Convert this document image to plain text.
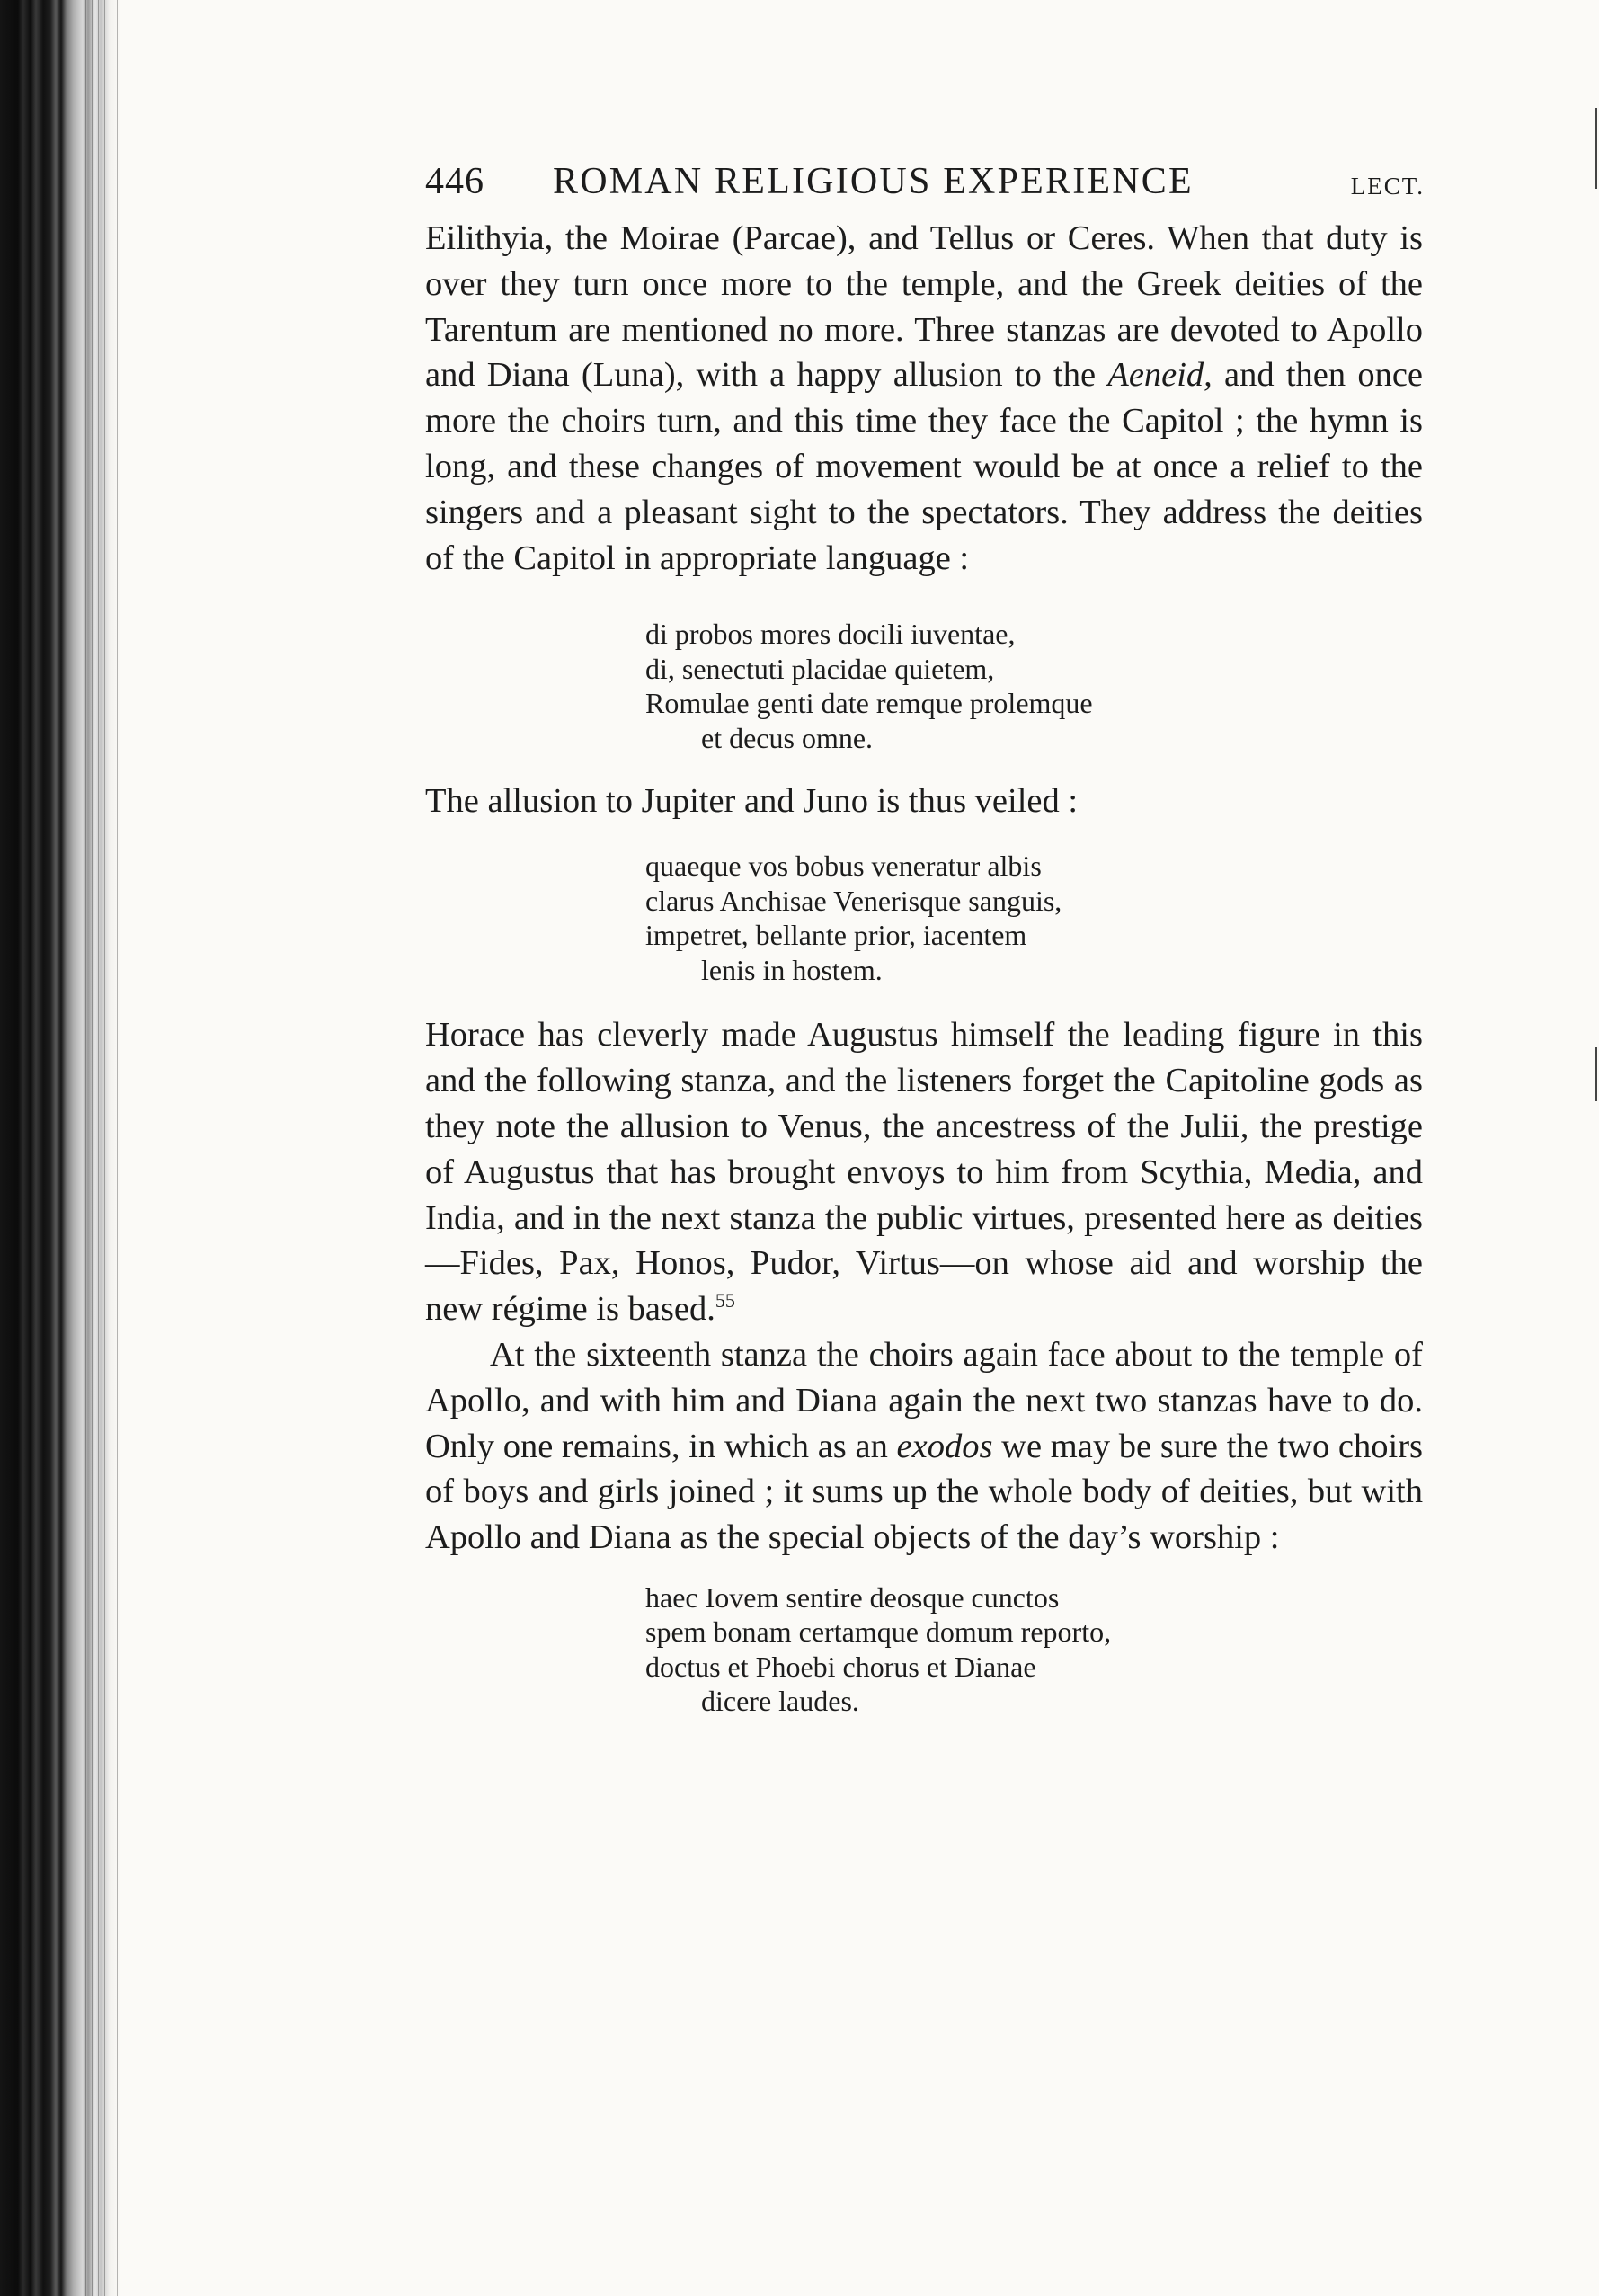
446 ROMAN RELIGIOUS EXPERIENCE	LECT.

Eilithyia, the Moirae (Parcae), and Tellus or Ceres. When that duty is over they turn once more to the temple, and the Greek deities of the Tarentum are mentioned no more. Three stanzas are devoted to Apollo and Diana (Luna), with a happy allusion to the Aeneid, and then once more the choirs turn, and this time they face the Capitol ; the hymn is long, and these changes of movement would be at once a relief to the singers and a pleasant sight to the spectators. They address the deities of the Capitol in appropriate language :

di probos mores docili iuventae,
di, senectuti placidae quietem,
Romulae genti date remque prolemque
et decus omne.

The allusion to Jupiter and Juno is thus veiled :

quaeque vos bobus veneratur albis
clarus Anchisae Venerisque sanguis,
impetret, bellante prior, iacentem
lenis in hostem.

Horace has cleverly made Augustus himself the leading figure in this and the following stanza, and the listeners forget the Capitoline gods as they note the allusion to Venus, the ancestress of the Julii, the prestige of Augustus that has brought envoys to him from Scythia, Media, and India, and in the next stanza the public virtues, presented here as deities—Fides, Pax, Honos, Pudor, Virtus—on whose aid and worship the new régime is based.$^{55}$

At the sixteenth stanza the choirs again face about to the temple of Apollo, and with him and Diana again the next two stanzas have to do. Only one remains, in which as an exodos we may be sure the two choirs of boys and girls joined ; it sums up the whole body of deities, but with Apollo and Diana as the special objects of the day’s worship :

haec Iovem sentire deosque cunctos
spem bonam certamque domum reporto,
doctus et Phoebi chorus et Dianae
dicere laudes.
